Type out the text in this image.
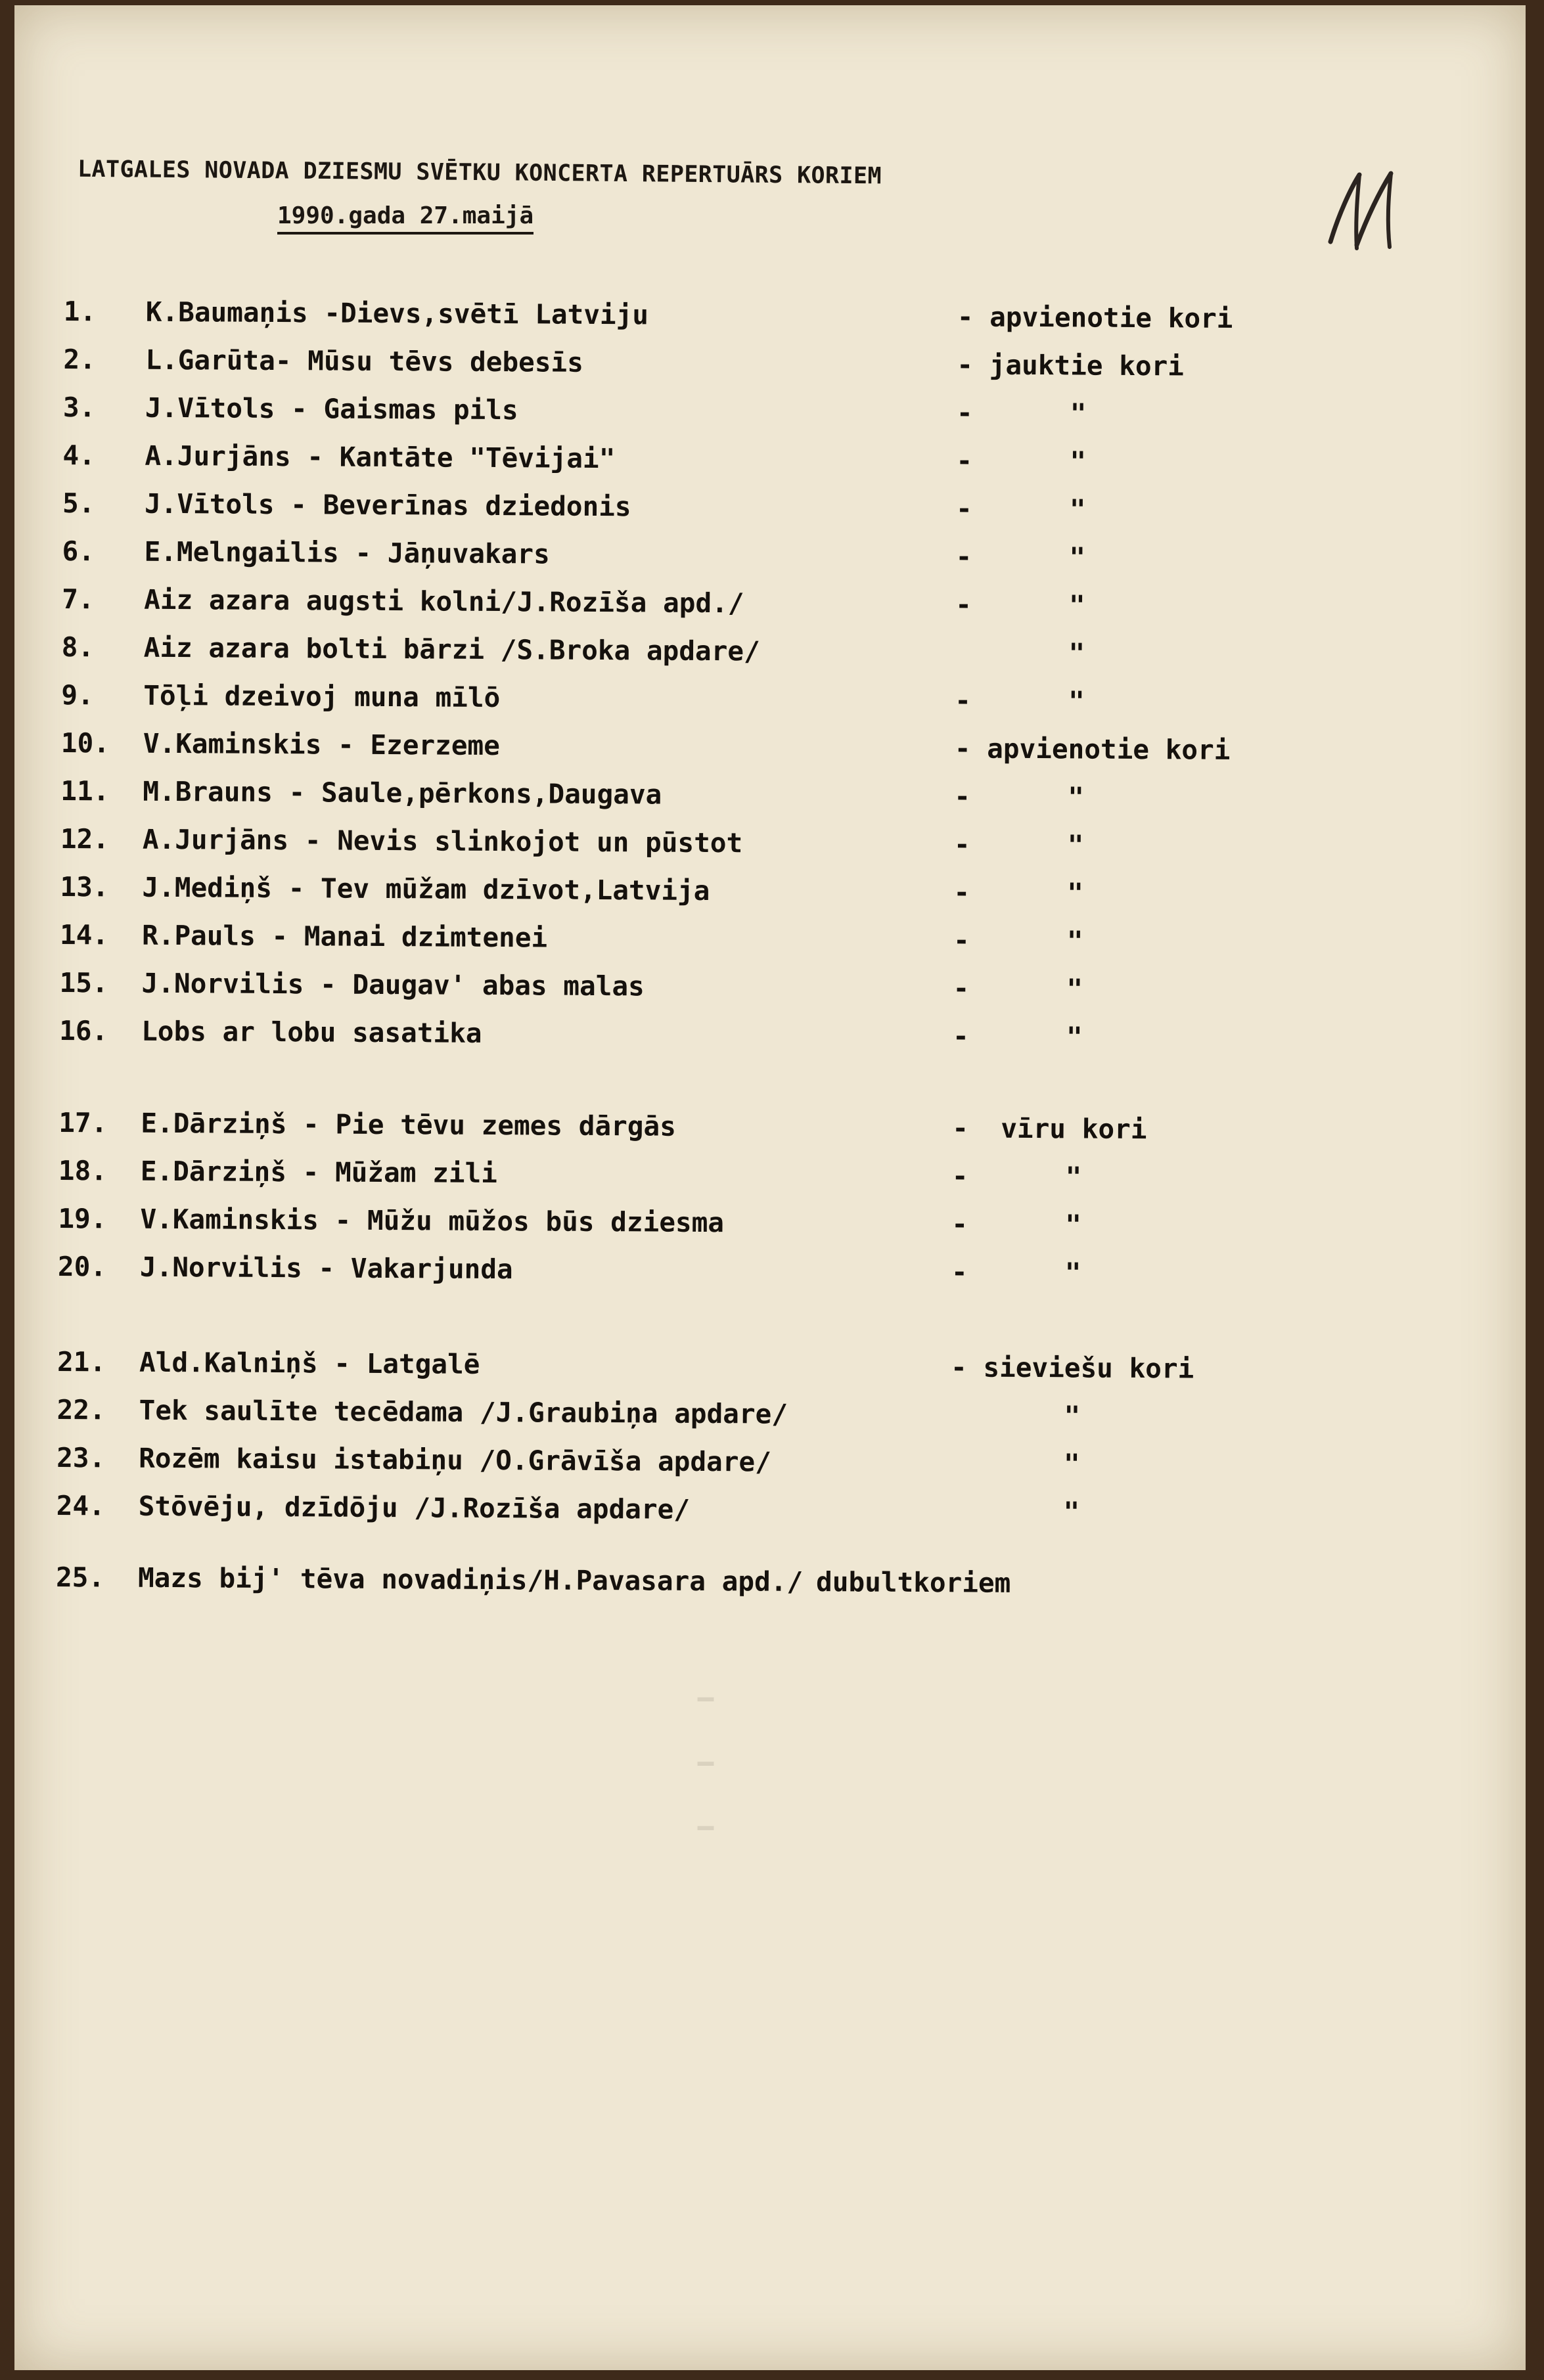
▁
▁
▁
LATGALES NOVADA DZIESMU SVĒTKU KONCERTA REPERTUĀRS KORIEM
1990.gada 27.maijā
1.	K.Baumaņis -Dievs,svētī Latviju	- apvienotie kori
2.	L.Garūta- Mūsu tēvs debesīs	- jauktie kori
3.	J.Vītols - Gaismas pils	-      "
4.	A.Jurjāns - Kantāte "Tēvijai"	-      "
5.	J.Vītols - Beverīnas dziedonis	-      "
6.	E.Melngailis - Jāņuvakars	-      "
7.	Aiz azara augsti kolni/J.Rozīša apd./	-      "
8.	Aiz azara bolti bārzi /S.Broka apdare/	"
9.	Tōļi dzeivoj muna mīlō	-      "
10.	V.Kaminskis - Ezerzeme	- apvienotie kori
11.	M.Brauns - Saule,pērkons,Daugava	-      "
12.	A.Jurjāns - Nevis slinkojot un pūstot	-      "
13.	J.Mediņš - Tev mūžam dzīvot,Latvija	-      "
14.	R.Pauls - Manai dzimtenei	-      "
15.	J.Norvilis - Daugav' abas malas	-      "
16.	Lobs ar lobu sasatika	-      "
17.	E.Dārziņš - Pie tēvu zemes dārgās	-  vīru kori
18.	E.Dārziņš - Mūžam zili	-      "
19.	V.Kaminskis - Mūžu mūžos būs dziesma	-      "
20.	J.Norvilis - Vakarjunda	-      "
21.	Ald.Kalniņš - Latgalē	- sieviešu kori
22.	Tek saulīte tecēdama /J.Graubiņa apdare/	"
23.	Rozēm kaisu istabiņu /O.Grāvīša apdare/	"
24.	Stōvēju, dzīdōju /J.Rozīša apdare/	"
25.	Mazs bij' tēva novadiņis/H.Pavasara apd./ dubultkoriem
